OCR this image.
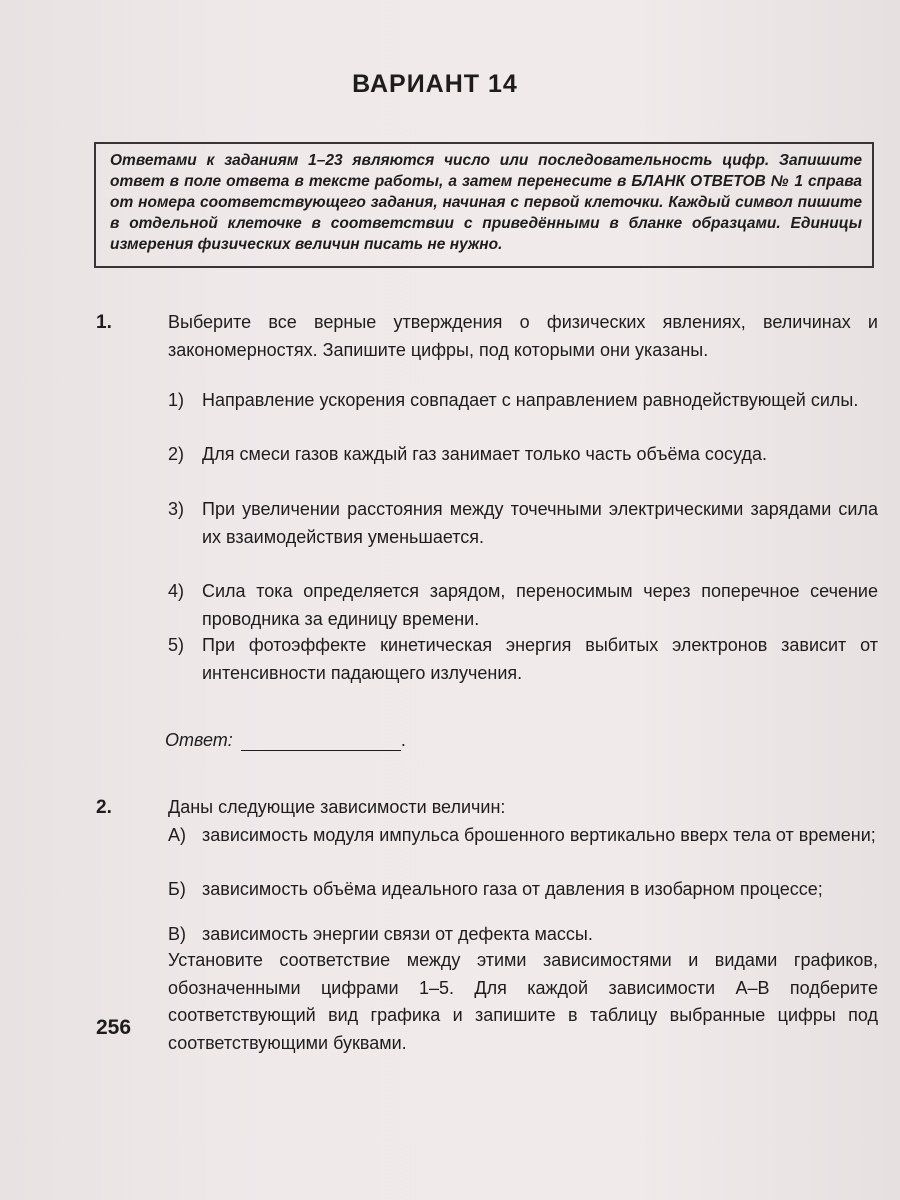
ВАРИАНТ 14
Ответами к заданиям 1–23 являются число или последовательность цифр. Запишите ответ в поле ответа в тексте работы, а затем перенесите в БЛАНК ОТВЕТОВ № 1 справа от номера соответствующего задания, начиная с первой клеточки. Каждый символ пишите в отдельной клеточке в соответствии с приведёнными в бланке образцами. Единицы измерения физических величин писать не нужно.
1.	Выберите все верные утверждения о физических явлениях, величинах и закономерностях. Запишите цифры, под которыми они указаны.
1) Направление ускорения совпадает с направлением равнодействующей силы.
2) Для смеси газов каждый газ занимает только часть объёма сосуда.
3) При увеличении расстояния между точечными электрическими зарядами сила их взаимодействия уменьшается.
4) Сила тока определяется зарядом, переносимым через поперечное сечение проводника за единицу времени.
5) При фотоэффекте кинетическая энергия выбитых электронов зависит от интенсивности падающего излучения.
Ответ:	.
2.	Даны следующие зависимости величин:
А) зависимость модуля импульса брошенного вертикально вверх тела от времени;
Б) зависимость объёма идеального газа от давления в изобарном процессе;
В) зависимость энергии связи от дефекта массы.
Установите соответствие между этими зависимостями и видами графиков, обозначенными цифрами 1–5. Для каждой зависимости А–В подберите соответствующий вид графика и запишите в таблицу выбранные цифры под соответствующими буквами.
256
